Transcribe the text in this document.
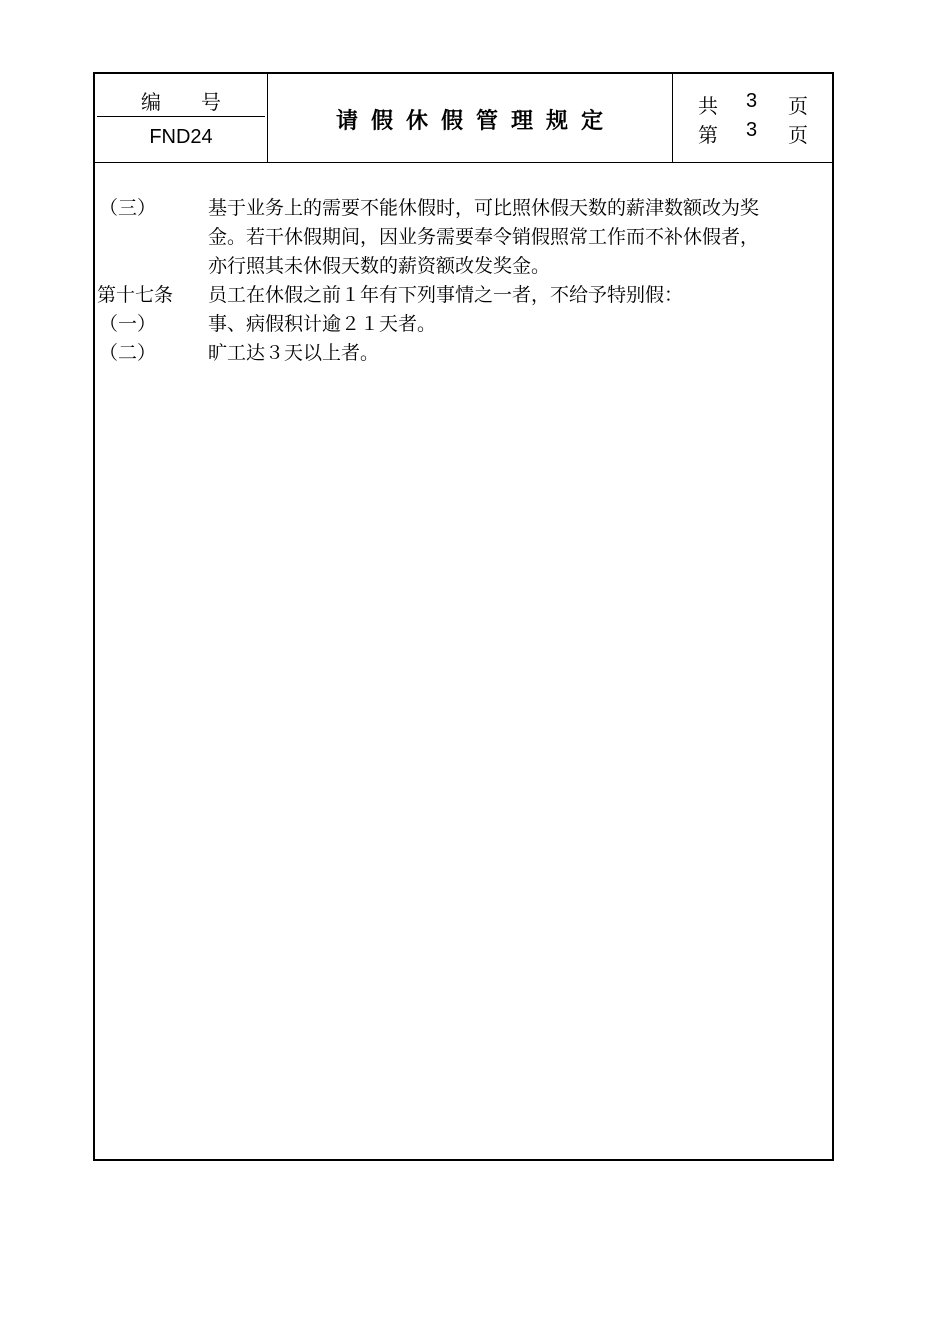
编号
FND24
请假休假管理规定
共 3 页
第 3 页
（三）	基于业务上的需要不能休假时，可比照休假天数的薪津数额改为奖
金。若干休假期间，因业务需要奉令销假照常工作而不补休假者，
亦行照其未休假天数的薪资额改发奖金。
第十七条 员工在休假之前１年有下列事情之一者，不给予特别假：
（一）	事、病假积计逾２１天者。
（二）	旷工达３天以上者。
